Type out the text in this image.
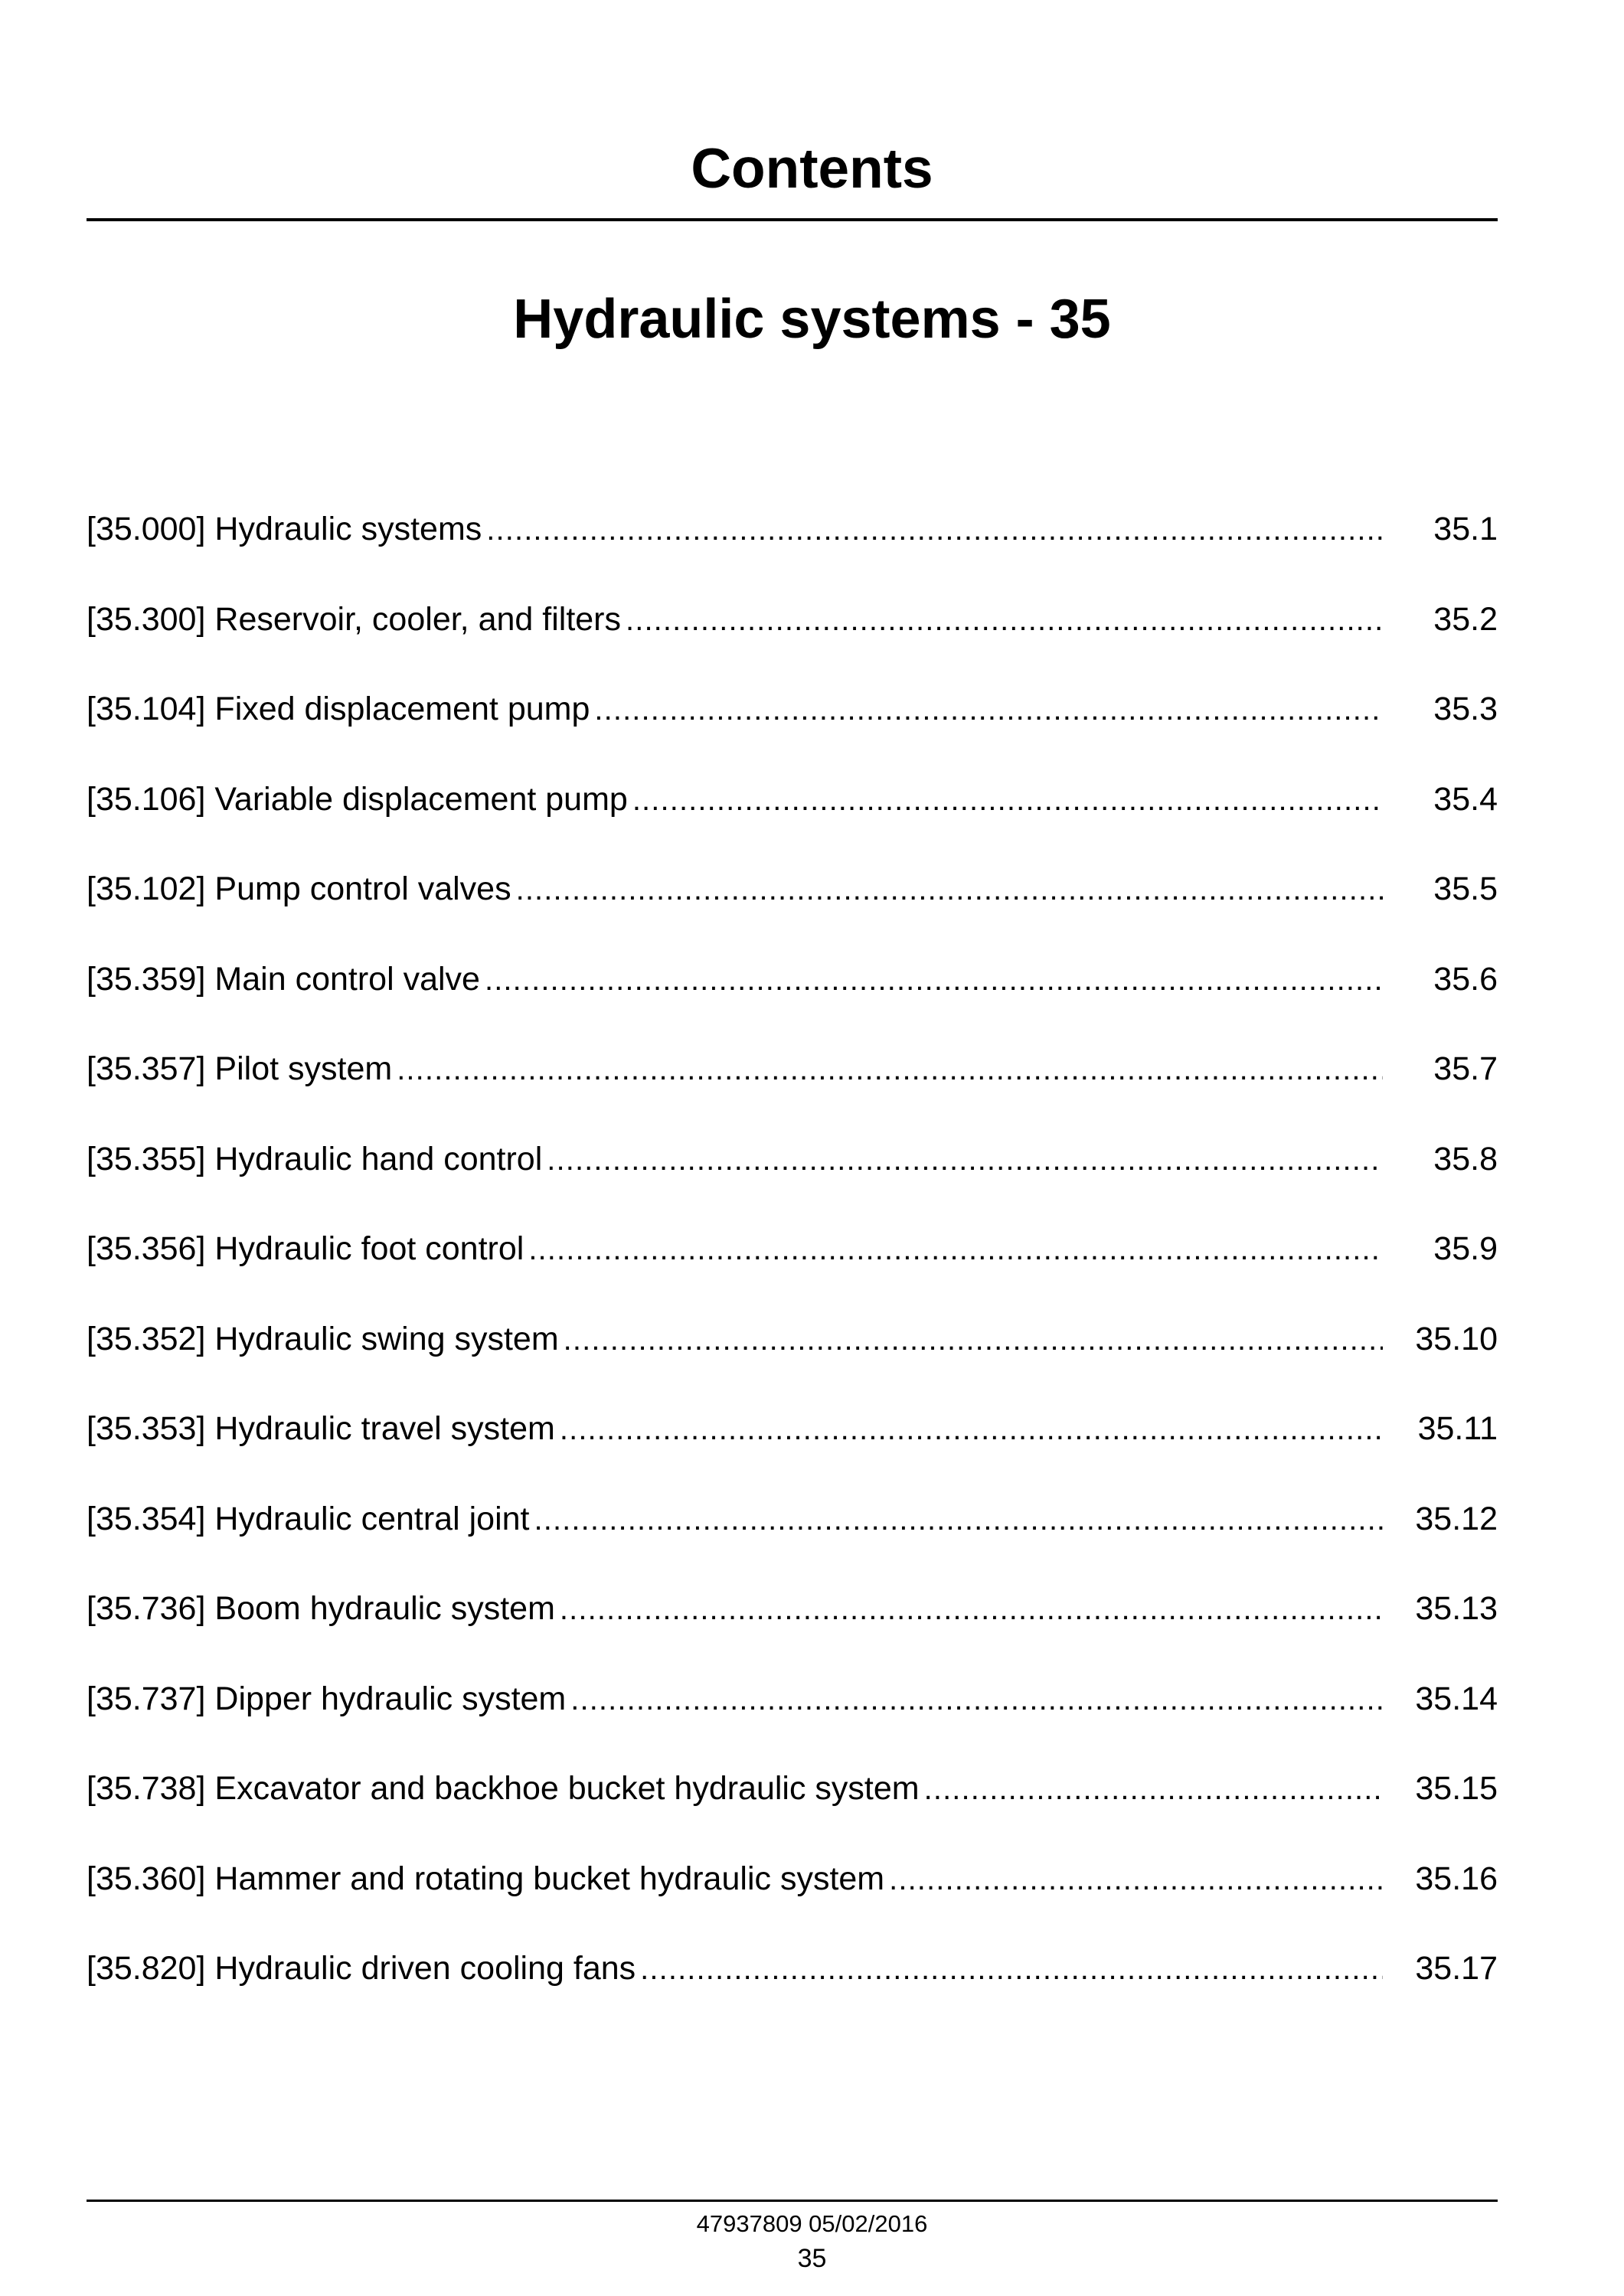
Contents
Hydraulic systems - 35
[35.000] Hydraulic systems . . .	35.1
[35.300] Reservoir, cooler, and filters . . .	35.2
[35.104] Fixed displacement pump . . .	35.3
[35.106] Variable displacement pump . . .	35.4
[35.102] Pump control valves . . .	35.5
[35.359] Main control valve . . .	35.6
[35.357] Pilot system . . .	35.7
[35.355] Hydraulic hand control . . .	35.8
[35.356] Hydraulic foot control . . .	35.9
[35.352] Hydraulic swing system . . .	35.10
[35.353] Hydraulic travel system . . .	35.11
[35.354] Hydraulic central joint . . .	35.12
[35.736] Boom hydraulic system . . .	35.13
[35.737] Dipper hydraulic system . . .	35.14
[35.738] Excavator and backhoe bucket hydraulic system . . .	35.15
[35.360] Hammer and rotating bucket hydraulic system . . .	35.16
[35.820] Hydraulic driven cooling fans . . .	35.17
47937809 05/02/2016
35
